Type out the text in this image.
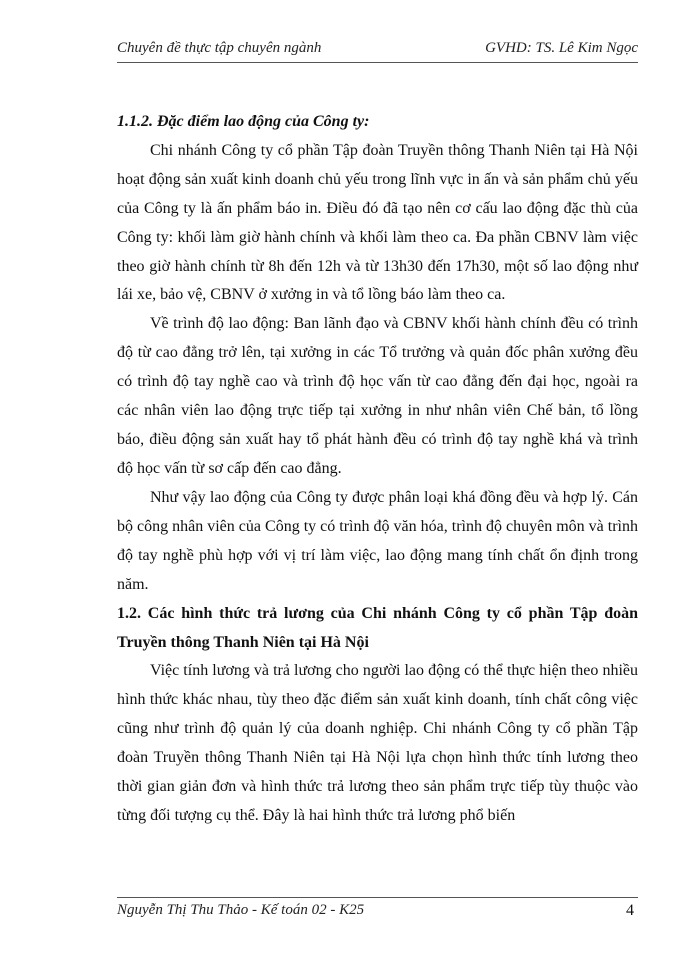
Chuyên đề thực tập chuyên ngành	GVHD: TS. Lê Kim Ngọc

1.1.2. Đặc điểm lao động của Công ty:

Chi nhánh Công ty cổ phần Tập đoàn Truyền thông Thanh Niên tại Hà Nội hoạt động sản xuất kinh doanh chủ yếu trong lĩnh vực in ấn và sản phẩm chủ yếu của Công ty là ấn phẩm báo in. Điều đó đã tạo nên cơ cấu lao động đặc thù của Công ty: khối làm giờ hành chính và khối làm theo ca. Đa phần CBNV làm việc theo giờ hành chính từ 8h đến 12h và từ 13h30 đến 17h30, một số lao động như lái xe, bảo vệ, CBNV ở xưởng in và tổ lồng báo làm theo ca.

Về trình độ lao động: Ban lãnh đạo và CBNV khối hành chính đều có trình độ từ cao đẳng trở lên, tại xưởng in các Tổ trưởng và quản đốc phân xưởng đều có trình độ tay nghề cao và trình độ học vấn từ cao đẳng đến đại học, ngoài ra các nhân viên lao động trực tiếp tại xưởng in như nhân viên Chế bản, tổ lồng báo, điều động sản xuất hay tổ phát hành đều có trình độ tay nghề khá và trình độ học vấn từ sơ cấp đến cao đẳng.

Như vậy lao động của Công ty được phân loại khá đồng đều và hợp lý. Cán bộ công nhân viên của Công ty có trình độ văn hóa, trình độ chuyên môn và trình độ tay nghề phù hợp với vị trí làm việc, lao động mang tính chất ổn định trong năm.

1.2. Các hình thức trả lương của Chi nhánh Công ty cổ phần Tập đoàn Truyền thông Thanh Niên tại Hà Nội

Việc tính lương và trả lương cho người lao động có thể thực hiện theo nhiều hình thức khác nhau, tùy theo đặc điểm sản xuất kinh doanh, tính chất công việc cũng như trình độ quản lý của doanh nghiệp. Chi nhánh Công ty cổ phần Tập đoàn Truyền thông Thanh Niên tại Hà Nội lựa chọn hình thức tính lương theo thời gian giản đơn và hình thức trả lương theo sản phẩm trực tiếp tùy thuộc vào từng đối tượng cụ thể. Đây là hai hình thức trả lương phổ biến

Nguyễn Thị Thu Thảo - Kế toán 02 - K25	4
